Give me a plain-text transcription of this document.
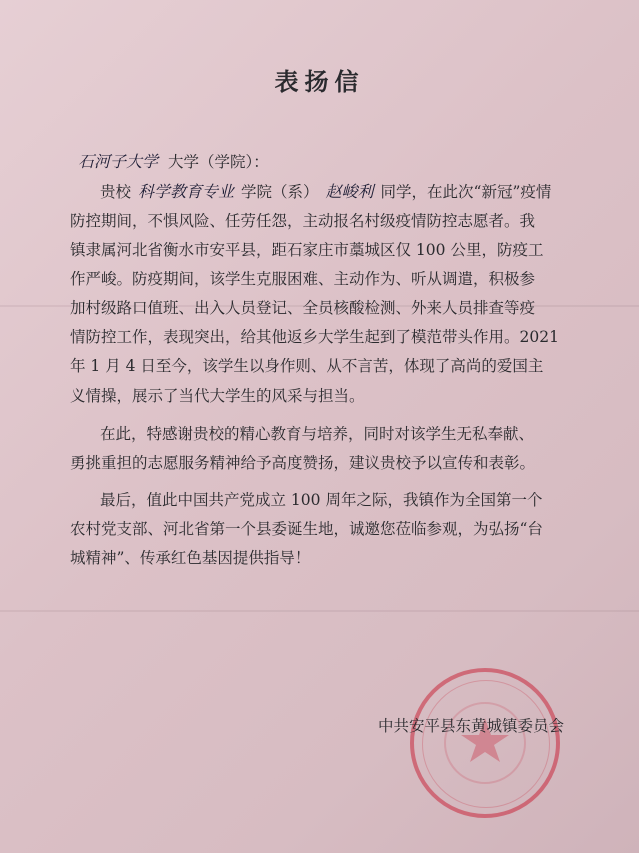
表扬信
石河子大学 大学（学院）：
贵校 科学教育专业 学院（系） 赵峻利 同学，在此次“新冠”疫情
防控期间，不惧风险、任劳任怨，主动报名村级疫情防控志愿者。我
镇隶属河北省衡水市安平县，距石家庄市藁城区仅 100 公里，防疫工
作严峻。防疫期间，该学生克服困难、主动作为、听从调遣，积极参
加村级路口值班、出入人员登记、全员核酸检测、外来人员排查等疫
情防控工作，表现突出，给其他返乡大学生起到了模范带头作用。2021
年 1 月 4 日至今，该学生以身作则、从不言苦，体现了高尚的爱国主
义情操，展示了当代大学生的风采与担当。
在此，特感谢贵校的精心教育与培养，同时对该学生无私奉献、
勇挑重担的志愿服务精神给予高度赞扬，建议贵校予以宣传和表彰。
最后，值此中国共产党成立 100 周年之际，我镇作为全国第一个
农村党支部、河北省第一个县委诞生地，诚邀您莅临参观，为弘扬“台
城精神”、传承红色基因提供指导！
中共安平县东黄城镇委员会
